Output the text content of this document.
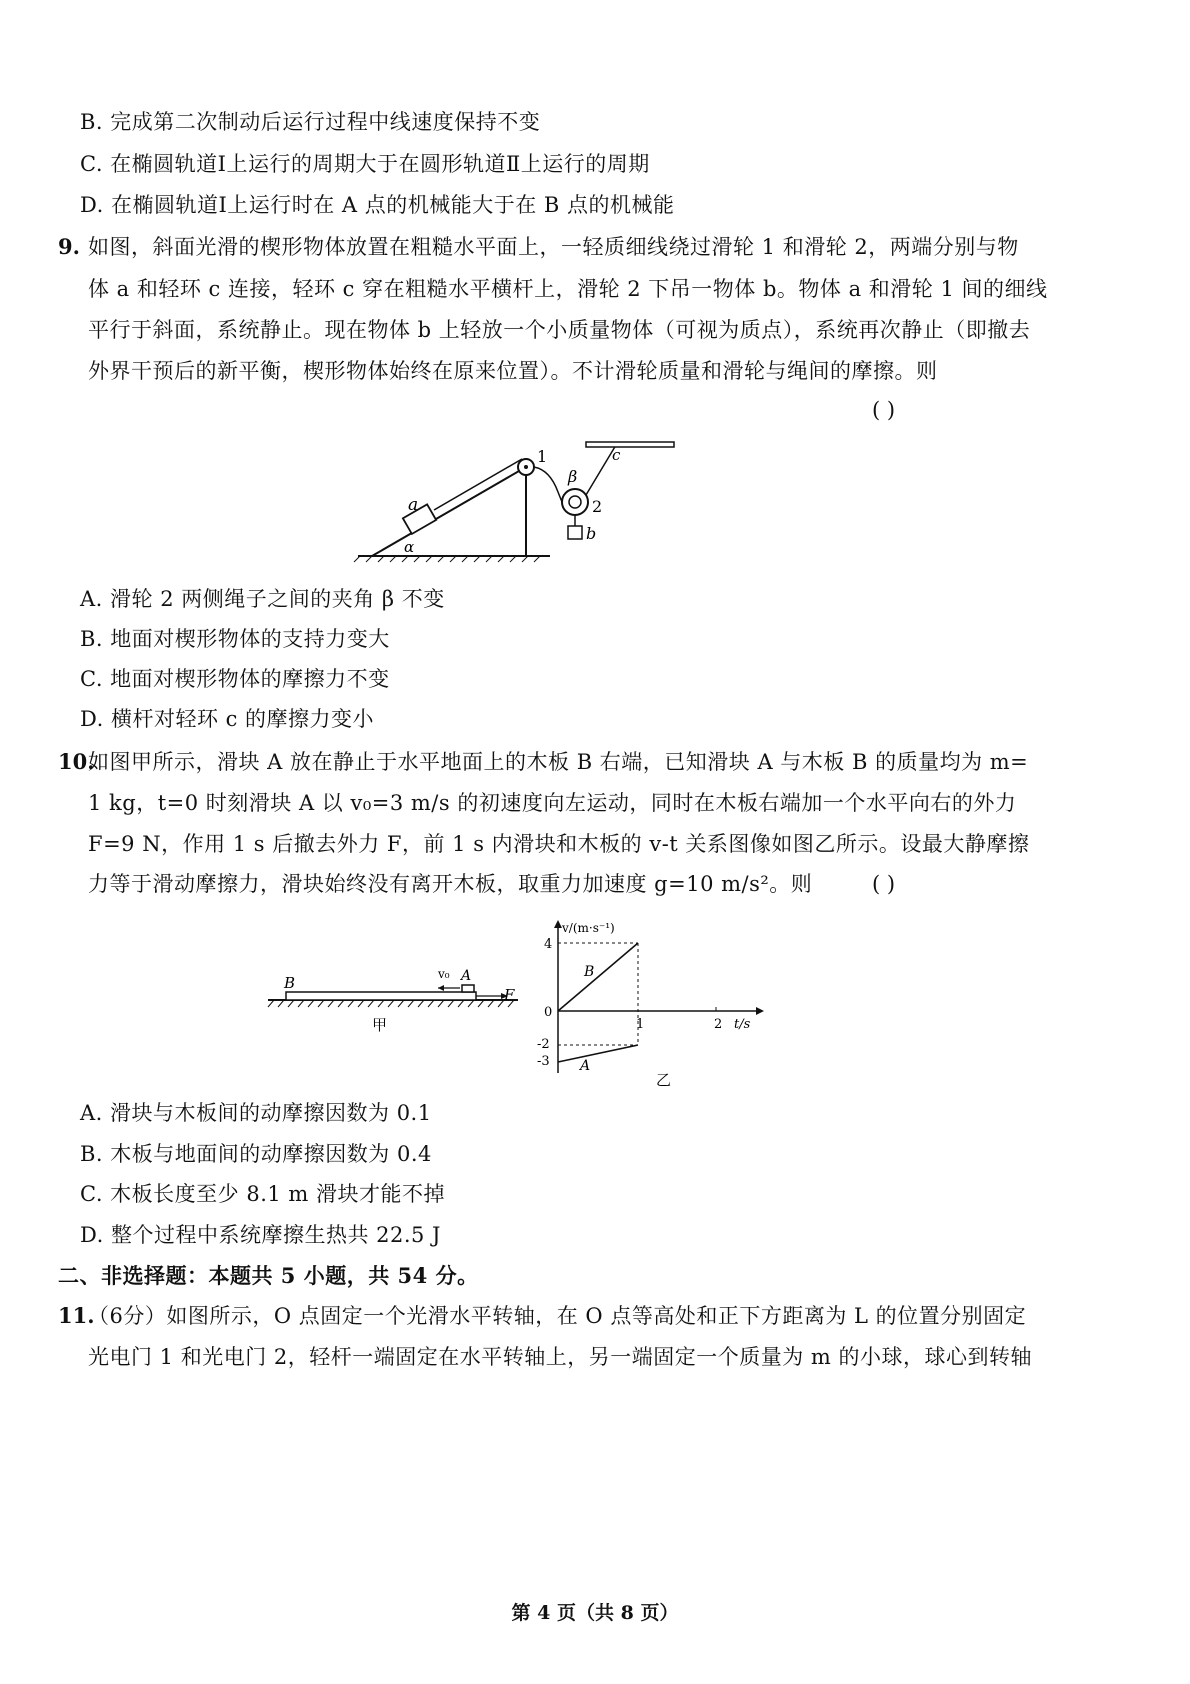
B. 完成第二次制动后运行过程中线速度保持不变
C. 在椭圆轨道Ⅰ上运行的周期大于在圆形轨道Ⅱ上运行的周期
D. 在椭圆轨道Ⅰ上运行时在 A 点的机械能大于在 B 点的机械能
9. 如图，斜面光滑的楔形物体放置在粗糙水平面上，一轻质细线绕过滑轮 1 和滑轮 2，两端分别与物
体 a 和轻环 c 连接，轻环 c 穿在粗糙水平横杆上，滑轮 2 下吊一物体 b。物体 a 和滑轮 1 间的细线
平行于斜面，系统静止。现在物体 b 上轻放一个小质量物体（可视为质点），系统再次静止（即撤去
外界干预后的新平衡，楔形物体始终在原来位置）。不计滑轮质量和滑轮与绳间的摩擦。则
( )
a
α
1
2
β
c
b
A. 滑轮 2 两侧绳子之间的夹角 β 不变
B. 地面对楔形物体的支持力变大
C. 地面对楔形物体的摩擦力不变
D. 横杆对轻环 c 的摩擦力变小
10.
如图甲所示，滑块 A 放在静止于水平地面上的木板 B 右端，已知滑块 A 与木板 B 的质量均为 m=
1 kg，t=0 时刻滑块 A 以 v₀=3 m/s 的初速度向左运动，同时在木板右端加一个水平向右的外力
F=9 N，作用 1 s 后撤去外力 F，前 1 s 内滑块和木板的 v-t 关系图像如图乙所示。设最大静摩擦
力等于滑动摩擦力，滑块始终没有离开木板，取重力加速度 g=10 m/s²。则	( )
B	A
v₀
F
甲
v/(m·s⁻¹)
t/s
4
0
-2
-3
1	2
B
A
乙
A. 滑块与木板间的动摩擦因数为 0.1
B. 木板与地面间的动摩擦因数为 0.4
C. 木板长度至少 8.1 m 滑块才能不掉
D. 整个过程中系统摩擦生热共 22.5 J
二、非选择题：本题共 5 小题，共 54 分。
11.
（6分）如图所示，O 点固定一个光滑水平转轴，在 O 点等高处和正下方距离为 L 的位置分别固定
光电门 1 和光电门 2，轻杆一端固定在水平转轴上，另一端固定一个质量为 m 的小球，球心到转轴
第 4 页（共 8 页）
